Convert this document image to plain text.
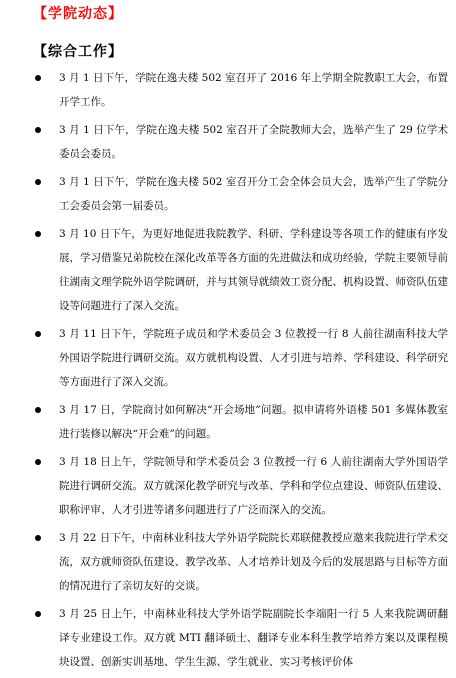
【学院动态】
【综合工作】
3 月 1 日下午，学院在逸夫楼 502 室召开了 2016 年上学期全院教职工大会，布置开学工作。
3 月 1 日下午，学院在逸夫楼 502 室召开了全院教师大会，选举产生了 29 位学术委员会委员。
3 月 1 日下午，学院在逸夫楼 502 室召开分工会全体会员大会，选举产生了学院分工会委员会第一届委员。
3 月 10 日下午，为更好地促进我院教学、科研、学科建设等各项工作的健康有序发展，学习借鉴兄弟院校在深化改革等各方面的先进做法和成功经验，学院主要领导前往湖南文理学院外语学院调研，并与其领导就绩效工资分配、机构设置、师资队伍建设等问题进行了深入交流。
3 月 11 日下午，学院班子成员和学术委员会 3 位教授一行 8 人前往湖南科技大学外国语学院进行调研交流。双方就机构设置、人才引进与培养、学科建设、科学研究等方面进行了深入交流。
3 月 17 日，学院商讨如何解决“开会场地”问题。拟申请将外语楼 501 多媒体教室进行装修以解决“开会难”的问题。
3 月 18 日上午，学院领导和学术委员会 3 位教授一行 6 人前往湖南大学外国语学院进行调研交流。双方就深化教学研究与改革、学科和学位点建设、师资队伍建设、职称评审、人才引进等诸多问题进行了广泛而深入的交流。
3 月 22 日下午，中南林业科技大学外语学院院长邓联健教授应邀来我院进行学术交流，双方就师资队伍建设、教学改革、人才培养计划及今后的发展思路与目标等方面的情况进行了亲切友好的交谈。
3 月 25 日上午，中南林业科技大学外语学院副院长李端阳一行 5 人来我院调研翻译专业建设工作。双方就 MTI 翻译硕士、翻译专业本科生教学培养方案以及课程模块设置、创新实训基地、学生生源、学生就业、实习考核评价体
